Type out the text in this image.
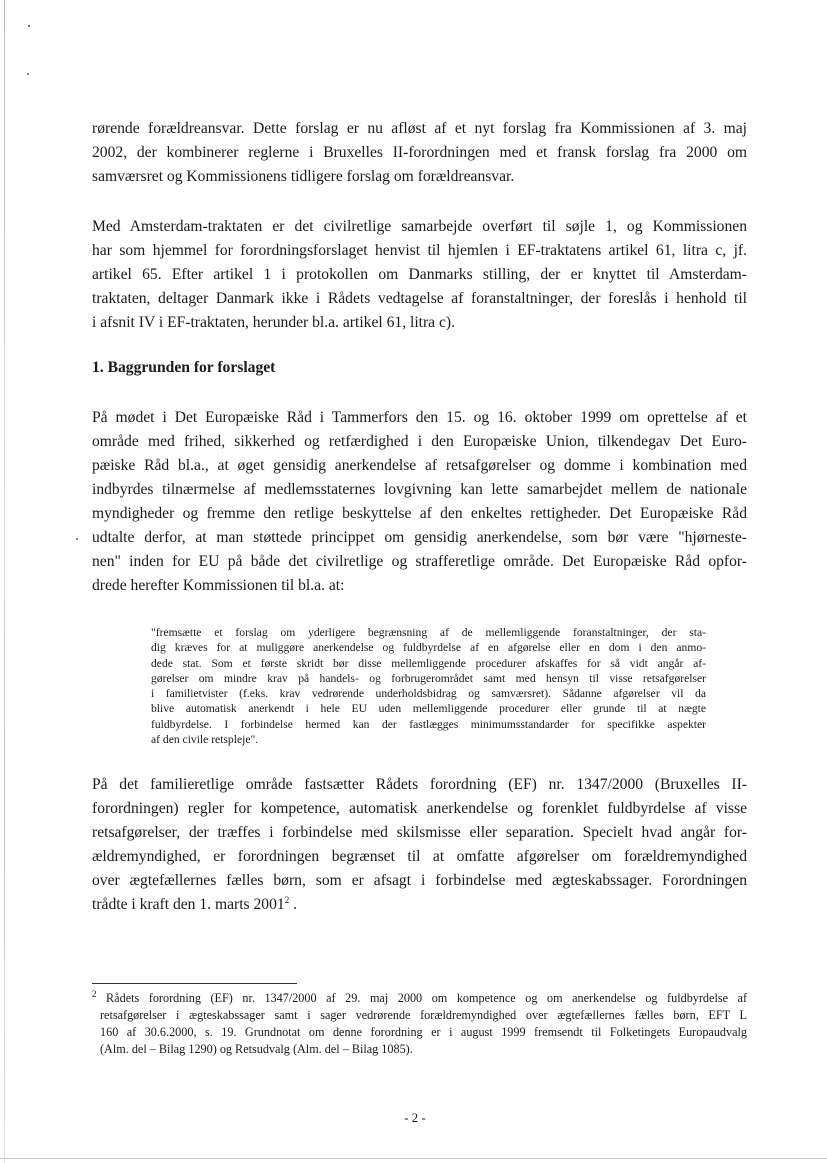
rørende forældreansvar. Dette forslag er nu afløst af et nyt forslag fra Kommissionen af 3. maj
2002, der kombinerer reglerne i Bruxelles II-forordningen med et fransk forslag fra 2000 om
samværsret og Kommissionens tidligere forslag om forældreansvar.

Med Amsterdam-traktaten er det civilretlige samarbejde overført til søjle 1, og Kommissionen
har som hjemmel for forordningsforslaget henvist til hjemlen i EF-traktatens artikel 61, litra c, jf.
artikel 65. Efter artikel 1 i protokollen om Danmarks stilling, der er knyttet til Amsterdam-
traktaten, deltager Danmark ikke i Rådets vedtagelse af foranstaltninger, der foreslås i henhold til
i afsnit IV i EF-traktaten, herunder bl.a. artikel 61, litra c).

1. Baggrunden for forslaget

På mødet i Det Europæiske Råd i Tammerfors den 15. og 16. oktober 1999 om oprettelse af et
område med frihed, sikkerhed og retfærdighed i den Europæiske Union, tilkendegav Det Euro-
pæiske Råd bl.a., at øget gensidig anerkendelse af retsafgørelser og domme i kombination med
indbyrdes tilnærmelse af medlemsstaternes lovgivning kan lette samarbejdet mellem de nationale
myndigheder og fremme den retlige beskyttelse af den enkeltes rettigheder. Det Europæiske Råd
udtalte derfor, at man støttede princippet om gensidig anerkendelse, som bør være "hjørneste-
nen" inden for EU på både det civilretlige og strafferetlige område. Det Europæiske Råd opfor-
drede herefter Kommissionen til bl.a. at:

"fremsætte et forslag om yderligere begrænsning af de mellemliggende foranstaltninger, der sta-
dig kræves for at muliggøre anerkendelse og fuldbyrdelse af en afgørelse eller en dom i den anmo-
dede stat. Som et første skridt bør disse mellemliggende procedurer afskaffes for så vidt angår af-
gørelser om mindre krav på handels- og forbrugerområdet samt med hensyn til visse retsafgørelser
i familietvister (f.eks. krav vedrørende underholdsbidrag og samværsret). Sådanne afgørelser vil da
blive automatisk anerkendt i hele EU uden mellemliggende procedurer eller grunde til at nægte
fuldbyrdelse. I forbindelse hermed kan der fastlægges minimumsstandarder for specifikke aspekter
af den civile retspleje".

På det familieretlige område fastsætter Rådets forordning (EF) nr. 1347/2000 (Bruxelles II-
forordningen) regler for kompetence, automatisk anerkendelse og forenklet fuldbyrdelse af visse
retsafgørelser, der træffes i forbindelse med skilsmisse eller separation. Specielt hvad angår for-
ældremyndighed, er forordningen begrænset til at omfatte afgørelser om forældremyndighed
over ægtefællernes fælles børn, som er afsagt i forbindelse med ægteskabssager. Forordningen
trådte i kraft den 1. marts 2001$^2$ .

$^2$ Rådets forordning (EF) nr. 1347/2000 af 29. maj 2000 om kompetence og om anerkendelse og fuldbyrdelse af
retsafgørelser i ægteskabssager samt i sager vedrørende forældremyndighed over ægtefællernes fælles børn, EFT L
160 af 30.6.2000, s. 19. Grundnotat om denne forordning er i august 1999 fremsendt til Folketingets Europaudvalg
(Alm. del – Bilag 1290) og Retsudvalg (Alm. del – Bilag 1085).
- 2 -
